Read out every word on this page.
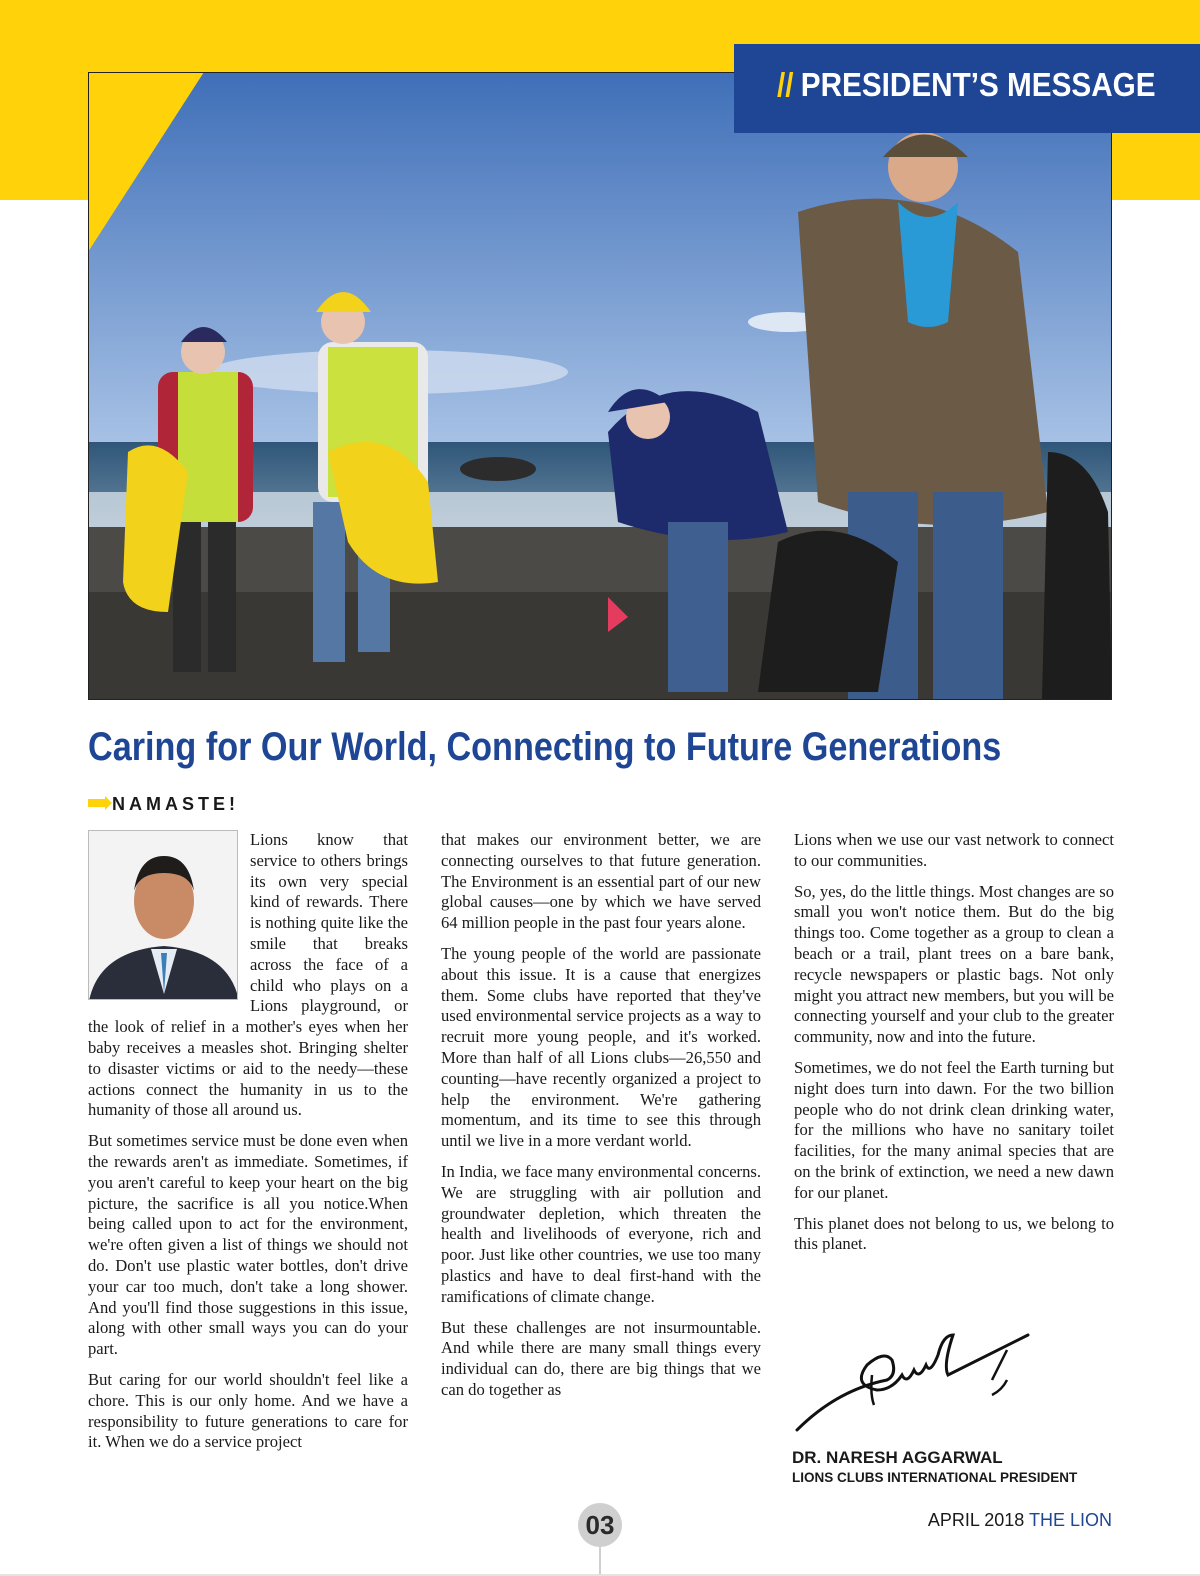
// PRESIDENT’S MESSAGE
Caring for Our World, Connecting to Future Generations
NAMASTE!

Lions know that service to others brings its own very special kind of rewards. There is nothing quite like the smile that breaks across the face of a child who plays on a Lions playground, or the look of relief in a mother's eyes when her baby receives a measles shot. Bringing shelter to disaster victims or aid to the needy—these actions connect the humanity in us to the humanity of those all around us.

But sometimes service must be done even when the rewards aren't as immediate. Sometimes, if you aren't careful to keep your heart on the big picture, the sacrifice is all you notice.When being called upon to act for the environment, we're often given a list of things we should not do. Don't use plastic water bottles, don't drive your car too much, don't take a long shower. And you'll find those suggestions in this issue, along with other small ways you can do your part.

But caring for our world shouldn't feel like a chore. This is our only home. And we have a responsibility to future generations to care for it. When we do a service project

that makes our environment better, we are connecting ourselves to that future generation. The Environment is an essential part of our new global causes—one by which we have served 64 million people in the past four years alone.

The young people of the world are passionate about this issue. It is a cause that energizes them. Some clubs have reported that they've used environmental service projects as a way to recruit more young people, and it's worked. More than half of all Lions clubs—26,550 and counting—have recently organized a project to help the environment. We're gathering momentum, and its time to see this through until we live in a more verdant world.

In India, we face many environmental concerns. We are struggling with air pollution and groundwater depletion, which threaten the health and livelihoods of everyone, rich and poor. Just like other countries, we use too many plastics and have to deal first-hand with the ramifications of climate change.

But these challenges are not insurmountable. And while there are many small things every individual can do, there are big things that we can do together as

Lions when we use our vast network to connect to our communities.

So, yes, do the little things. Most changes are so small you won't notice them. But do the big things too. Come together as a group to clean a beach or a trail, plant trees on a bare bank, recycle newspapers or plastic bags. Not only might you attract new members, but you will be connecting yourself and your club to the greater community, now and into the future.

Sometimes, we do not feel the Earth turning but night does turn into dawn. For the two billion people who do not drink clean drinking water, for the millions who have no sanitary toilet facilities, for the many animal species that are on the brink of extinction, we need a new dawn for our planet.

This planet does not belong to us, we belong to this planet.

DR. NARESH AGGARWAL
LIONS CLUBS INTERNATIONAL PRESIDENT
03	APRIL 2018 THE LION
